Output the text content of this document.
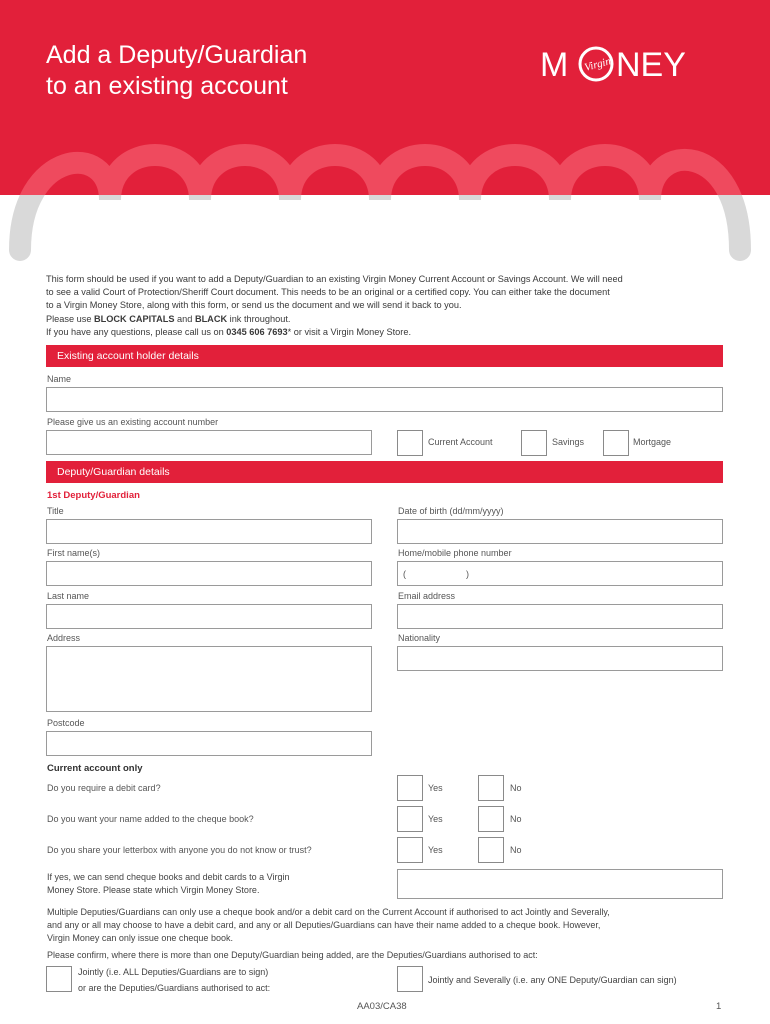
Add a Deputy/Guardian
to an existing account
M Virgin NEY
This form should be used if you want to add a Deputy/Guardian to an existing Virgin Money Current Account or Savings Account. We will need
to see a valid Court of Protection/Sheriff Court document. This needs to be an original or a certified copy. You can either take the document
to a Virgin Money Store, along with this form, or send us the document and we will send it back to you.
Please use BLOCK CAPITALS and BLACK ink throughout.
If you have any questions, please call us on 0345 606 7693* or visit a Virgin Money Store.
Existing account holder details
Name
Please give us an existing account number
Current Account	Savings	Mortgage
Deputy/Guardian details
1st Deputy/Guardian
Title	Date of birth (dd/mm/yyyy)
First name(s)	Home/mobile phone number
(	)
Last name	Email address
Address	Nationality
Postcode
Current account only
Do you require a debit card?	Yes	No
Do you want your name added to the cheque book?	Yes	No
Do you share your letterbox with anyone you do not know or trust?	Yes	No
If yes, we can send cheque books and debit cards to a Virgin
Money Store. Please state which Virgin Money Store.
Multiple Deputies/Guardians can only use a cheque book and/or a debit card on the Current Account if authorised to act Jointly and Severally,
and any or all may choose to have a debit card, and any or all Deputies/Guardians can have their name added to a cheque book. However,
Virgin Money can only issue one cheque book.
Please confirm, where there is more than one Deputy/Guardian being added, are the Deputies/Guardians authorised to act:
Jointly (i.e. ALL Deputies/Guardians are to sign)
or are the Deputies/Guardians authorised to act:
Jointly and Severally (i.e. any ONE Deputy/Guardian can sign)
AA03/CA38	1
